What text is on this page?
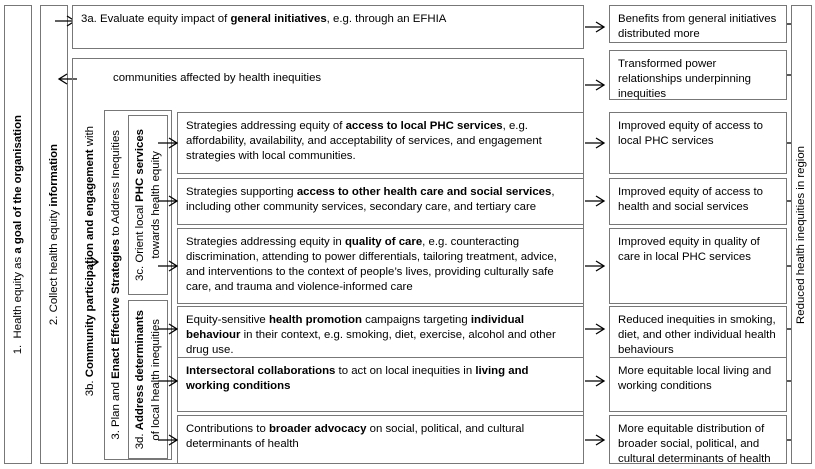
1.  Health equity as a goal of the organisation
2. Collect health equity information
3a. Evaluate equity impact of general initiatives, e.g. through an EFHIA
3b. Community participation and engagement with
communities affected by health inequities
3. Plan and Enact Effective Strategies to Address Inequities
3c. Orient local PHC services towards health equity
3d. Address determinants of local health inequities
Strategies addressing equity of access to local PHC services, e.g. affordability, availability, and acceptability of services, and engagement strategies with local communities.
Strategies supporting access to other health care and social services, including other community services, secondary care, and tertiary care
Strategies addressing equity in quality of care, e.g. counteracting discrimination, attending to power differentials, tailoring treatment, advice, and interventions to the context of people’s lives, providing culturally safe care, and trauma and violence-informed care
Equity-sensitive health promotion campaigns targeting individual behaviour in their context, e.g. smoking, diet, exercise, alcohol and other drug use.
Intersectoral collaborations to act on local inequities in living and working conditions
Contributions to broader advocacy on social, political, and cultural determinants of health
Benefits from general initiatives distributed more
Transformed power relationships underpinning inequities
Improved equity of access to local PHC services
Improved equity of access to health and social services
Improved equity in quality of care in local PHC services
Reduced inequities in smoking, diet, and other individual health behaviours
More equitable local living and working conditions
More equitable distribution of broader social, political, and cultural determinants of health
Reduced health inequities in region
